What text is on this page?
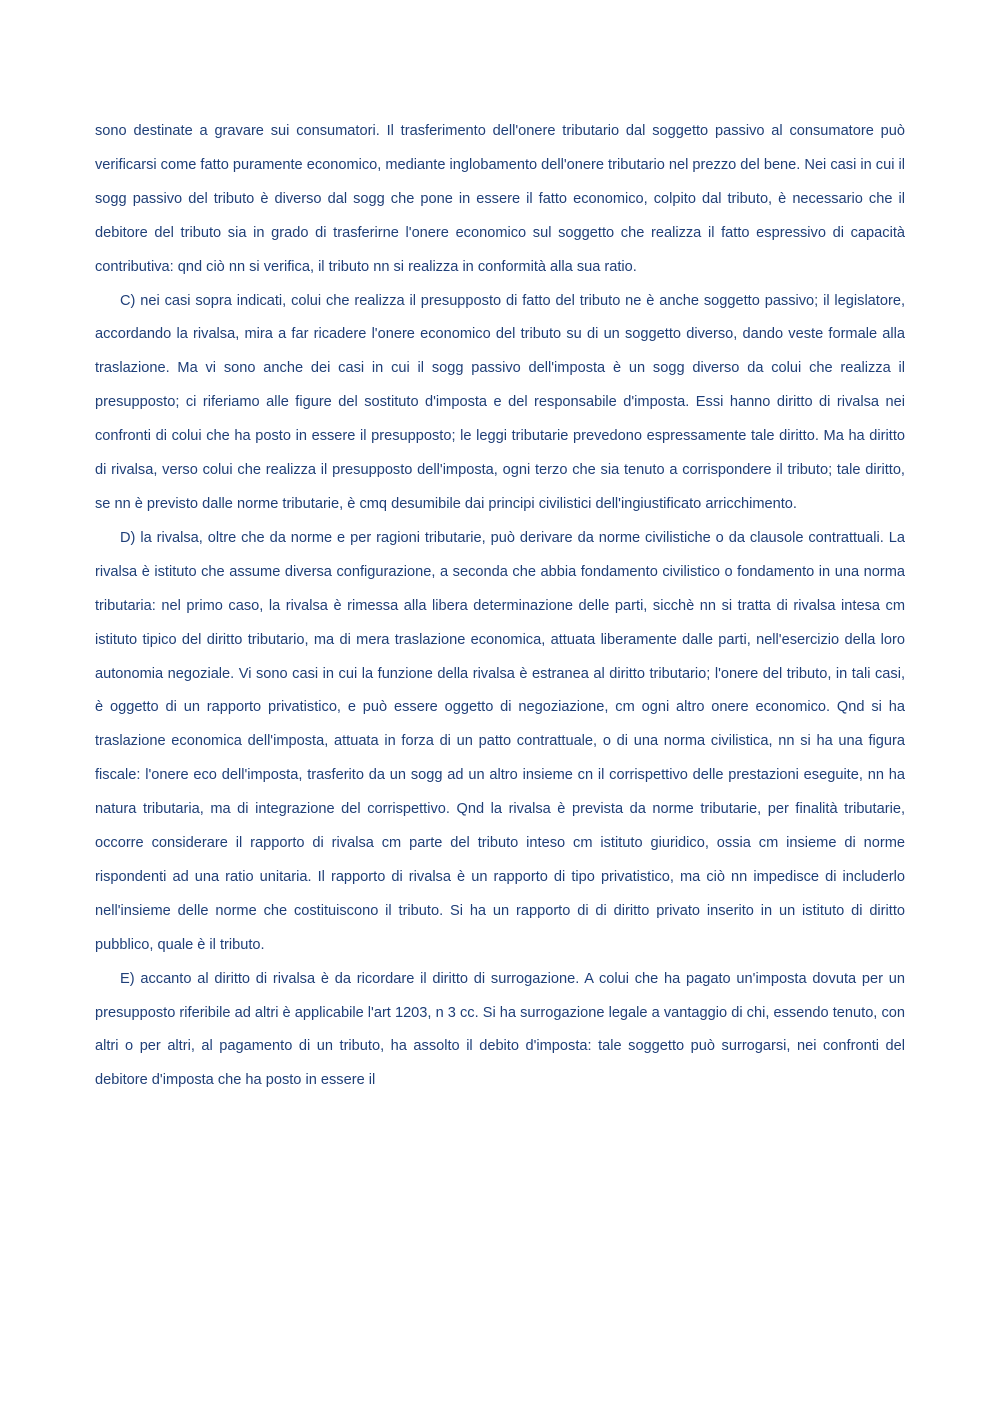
sono destinate a gravare sui consumatori. Il trasferimento dell'onere tributario dal soggetto passivo al consumatore può verificarsi come fatto puramente economico, mediante inglobamento dell'onere tributario nel prezzo del bene. Nei casi in cui il sogg passivo del tributo è diverso dal sogg che pone in essere il fatto economico, colpito dal tributo, è necessario che il debitore del tributo sia in grado di trasferirne l'onere economico sul soggetto che realizza il fatto espressivo di capacità contributiva: qnd ciò nn si verifica, il tributo nn si realizza in conformità alla sua ratio.

C) nei casi sopra indicati, colui che realizza il presupposto di fatto del tributo ne è anche soggetto passivo; il legislatore, accordando la rivalsa, mira a far ricadere l'onere economico del tributo su di un soggetto diverso, dando veste formale alla traslazione. Ma vi sono anche dei casi in cui il sogg passivo dell'imposta è un sogg diverso da colui che realizza il presupposto; ci riferiamo alle figure del sostituto d'imposta e del responsabile d'imposta. Essi hanno diritto di rivalsa nei confronti di colui che ha posto in essere il presupposto; le leggi tributarie prevedono espressamente tale diritto. Ma ha diritto di rivalsa, verso colui che realizza il presupposto dell'imposta, ogni terzo che sia tenuto a corrispondere il tributo; tale diritto, se nn è previsto dalle norme tributarie, è cmq desumibile dai principi civilistici dell'ingiustificato arricchimento.

D) la rivalsa, oltre che da norme e per ragioni tributarie, può derivare da norme civilistiche o da clausole contrattuali. La rivalsa è istituto che assume diversa configurazione, a seconda che abbia fondamento civilistico o fondamento in una norma tributaria: nel primo caso, la rivalsa è rimessa alla libera determinazione delle parti, sicchè nn si tratta di rivalsa intesa cm istituto tipico del diritto tributario, ma di mera traslazione economica, attuata liberamente dalle parti, nell'esercizio della loro autonomia negoziale. Vi sono casi in cui la funzione della rivalsa è estranea al diritto tributario; l'onere del tributo, in tali casi, è oggetto di un rapporto privatistico, e può essere oggetto di negoziazione, cm ogni altro onere economico. Qnd si ha traslazione economica dell'imposta, attuata in forza di un patto contrattuale, o di una norma civilistica, nn si ha una figura fiscale: l'onere eco dell'imposta, trasferito da un sogg ad un altro insieme cn il corrispettivo delle prestazioni eseguite, nn ha natura tributaria, ma di integrazione del corrispettivo. Qnd la rivalsa è prevista da norme tributarie, per finalità tributarie, occorre considerare il rapporto di rivalsa cm parte del tributo inteso cm istituto giuridico, ossia cm insieme di norme rispondenti ad una ratio unitaria. Il rapporto di rivalsa è un rapporto di tipo privatistico, ma ciò nn impedisce di includerlo nell'insieme delle norme che costituiscono il tributo. Si ha un rapporto di di diritto privato inserito in un istituto di diritto pubblico, quale è il tributo.

E) accanto al diritto di rivalsa è da ricordare il diritto di surrogazione. A colui che ha pagato un'imposta dovuta per un presupposto riferibile ad altri è applicabile l'art 1203, n 3 cc. Si ha surrogazione legale a vantaggio di chi, essendo tenuto, con altri o per altri, al pagamento di un tributo, ha assolto il debito d'imposta: tale soggetto può surrogarsi, nei confronti del debitore d'imposta che ha posto in essere il
